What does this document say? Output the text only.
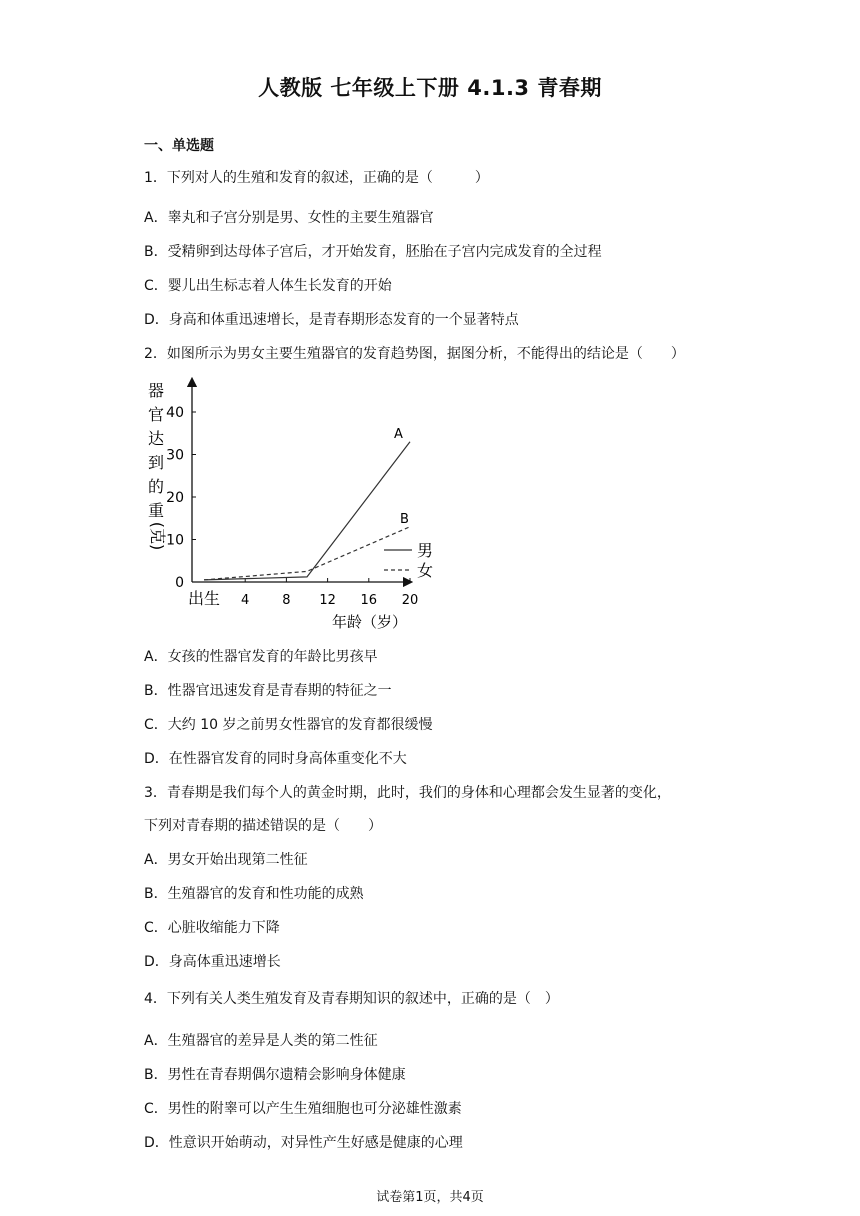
人教版 七年级上下册 4.1.3 青春期
一、单选题
1．下列对人的生殖和发育的叙述，正确的是（　　　）
A．睾丸和子宫分别是男、女性的主要生殖器官
B．受精卵到达母体子宫后，才开始发育，胚胎在子宫内完成发育的全过程
C．婴儿出生标志着人体生长发育的开始
D．身高和体重迅速增长，是青春期形态发育的一个显著特点
2．如图所示为男女主要生殖器官的发育趋势图，据图分析，不能得出的结论是（　　）
器
官
达
到
的
重
(克)
0
10
20
30
40
出生 4	8 12 16 20
A
B
男
女
年龄（岁）
A．女孩的性器官发育的年龄比男孩早
B．性器官迅速发育是青春期的特征之一
C．大约 10 岁之前男女性器官的发育都很缓慢
D．在性器官发育的同时身高体重变化不大
3．青春期是我们每个人的黄金时期，此时，我们的身体和心理都会发生显著的变化，
下列对青春期的描述错误的是（　　）
A．男女开始出现第二性征
B．生殖器官的发育和性功能的成熟
C．心脏收缩能力下降
D．身高体重迅速增长
4．下列有关人类生殖发育及青春期知识的叙述中，正确的是（　）
A．生殖器官的差异是人类的第二性征
B．男性在青春期偶尔遗精会影响身体健康
C．男性的附睾可以产生生殖细胞也可分泌雄性激素
D．性意识开始萌动，对异性产生好感是健康的心理
试卷第1页，共4页
